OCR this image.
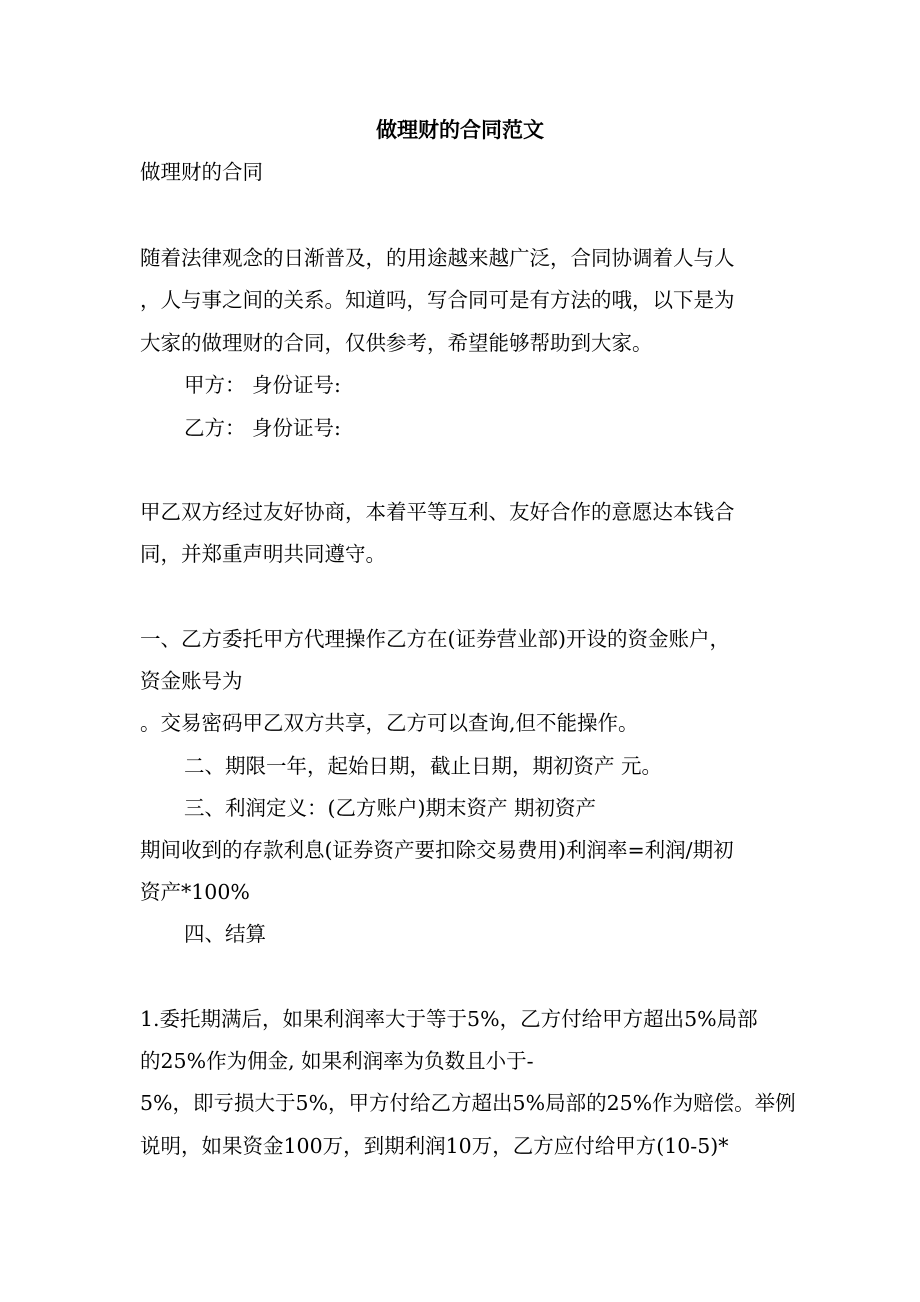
做理财的合同范文
做理财的合同
随着法律观念的日渐普及，的用途越来越广泛，合同协调着人与人
，人与事之间的关系。知道吗，写合同可是有方法的哦，以下是为
大家的做理财的合同，仅供参考，希望能够帮助到大家。
甲方： 身份证号:
乙方： 身份证号:
甲乙双方经过友好协商，本着平等互利、友好合作的意愿达本钱合
同，并郑重声明共同遵守。
一、乙方委托甲方代理操作乙方在(证券营业部)开设的资金账户，
资金账号为
。交易密码甲乙双方共享，乙方可以查询,但不能操作。
二、期限一年，起始日期，截止日期，期初资产 元。
三、利润定义：(乙方账户)期末资产 期初资产
期间收到的存款利息(证券资产要扣除交易费用)利润率=利润/期初
资产*100%
四、结算
1.委托期满后，如果利润率大于等于5%，乙方付给甲方超出5%局部
的25%作为佣金, 如果利润率为负数且小于-
5%，即亏损大于5%，甲方付给乙方超出5%局部的25%作为赔偿。举例
说明，如果资金100万，到期利润10万，乙方应付给甲方(10-5)*
